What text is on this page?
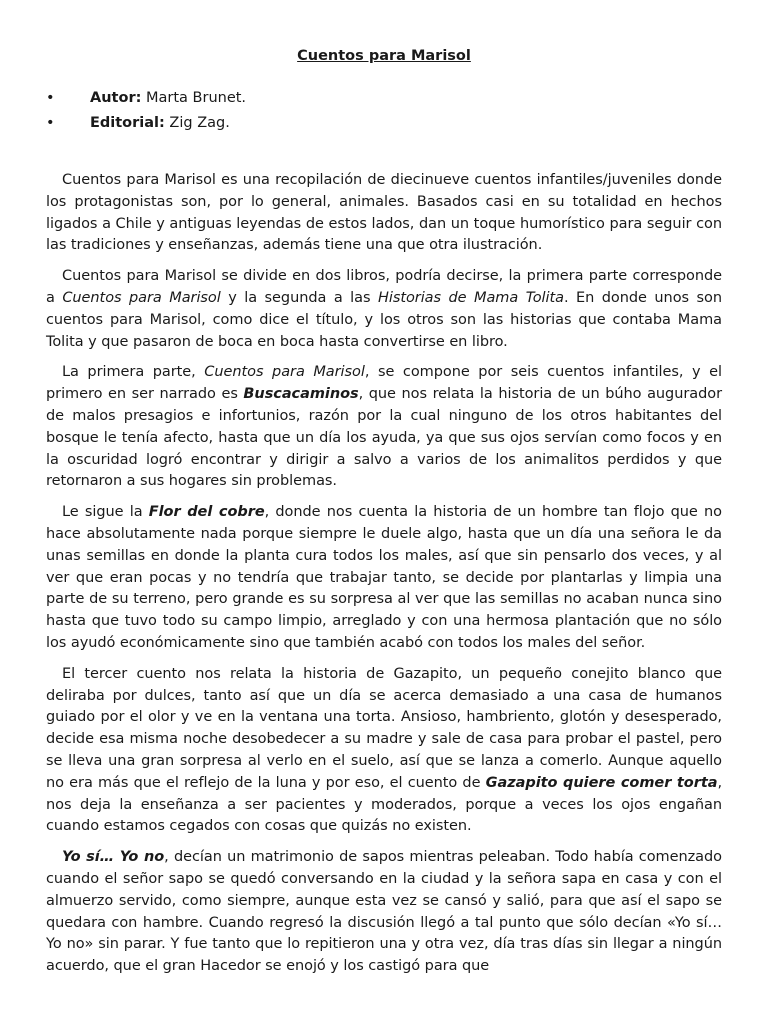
Cuentos para Marisol
• Autor: Marta Brunet.
• Editorial: Zig Zag.

Cuentos para Marisol es una recopilación de diecinueve cuentos infantiles/juveniles donde los protagonistas son, por lo general, animales. Basados casi en su totalidad en hechos ligados a Chile y antiguas leyendas de estos lados, dan un toque humorístico para seguir con las tradiciones y enseñanzas, además tiene una que otra ilustración.

Cuentos para Marisol se divide en dos libros, podría decirse, la primera parte corresponde a Cuentos para Marisol y la segunda a las Historias de Mama Tolita. En donde unos son cuentos para Marisol, como dice el título, y los otros son las historias que contaba Mama Tolita y que pasaron de boca en boca hasta convertirse en libro.

La primera parte, Cuentos para Marisol, se compone por seis cuentos infantiles, y el primero en ser narrado es Buscacaminos, que nos relata la historia de un búho augurador de malos presagios e infortunios, razón por la cual ninguno de los otros habitantes del bosque le tenía afecto, hasta que un día los ayuda, ya que sus ojos servían como focos y en la oscuridad logró encontrar y dirigir a salvo a varios de los animalitos perdidos y que retornaron a sus hogares sin problemas.

Le sigue la Flor del cobre, donde nos cuenta la historia de un hombre tan flojo que no hace absolutamente nada porque siempre le duele algo, hasta que un día una señora le da unas semillas en donde la planta cura todos los males, así que sin pensarlo dos veces, y al ver que eran pocas y no tendría que trabajar tanto, se decide por plantarlas y limpia una parte de su terreno, pero grande es su sorpresa al ver que las semillas no acaban nunca sino hasta que tuvo todo su campo limpio, arreglado y con una hermosa plantación que no sólo los ayudó económicamente sino que también acabó con todos los males del señor.

El tercer cuento nos relata la historia de Gazapito, un pequeño conejito blanco que deliraba por dulces, tanto así que un día se acerca demasiado a una casa de humanos guiado por el olor y ve en la ventana una torta. Ansioso, hambriento, glotón y desesperado, decide esa misma noche desobedecer a su madre y sale de casa para probar el pastel, pero se lleva una gran sorpresa al verlo en el suelo, así que se lanza a comerlo. Aunque aquello no era más que el reflejo de la luna y por eso, el cuento de Gazapito quiere comer torta, nos deja la enseñanza a ser pacientes y moderados, porque a veces los ojos engañan cuando estamos cegados con cosas que quizás no existen.

Yo sí… Yo no, decían un matrimonio de sapos mientras peleaban. Todo había comenzado cuando el señor sapo se quedó conversando en la ciudad y la señora sapa en casa y con el almuerzo servido, como siempre, aunque esta vez se cansó y salió, para que así el sapo se quedara con hambre. Cuando regresó la discusión llegó a tal punto que sólo decían «Yo sí… Yo no» sin parar. Y fue tanto que lo repitieron una y otra vez, día tras días sin llegar a ningún acuerdo, que el gran Hacedor se enojó y los castigó para que
